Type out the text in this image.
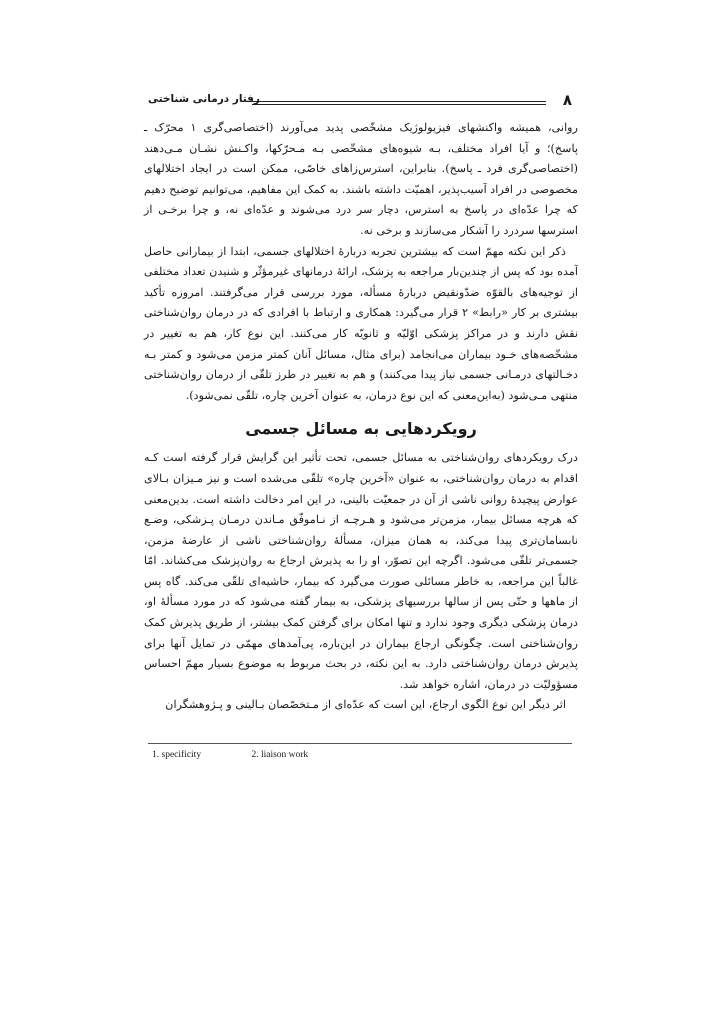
۸
رفتار درمانی شناختی

روانی، همیشه واکنشهای فیزیولوژیک مشخّصی پدید می‌آورند (اختصاصی‌گری ۱ محرّک ـ پاسخ)؛ و آیا افراد مختلف، بـه شیوه‌های مشخّصی بـه مـحرّکها، واکـنش نشـان مـی‌دهند (اختصاصی‌گری فرد ـ پاسخ). بنابراین، استرس‌زاهای خاصّی، ممکن است در ایجاد اختلالهای مخصوصی در افراد آسیب‌پذیر، اهمیّت داشته باشند. به کمک این مفاهیم، می‌توانیم توضیح دهیم که چرا عدّه‌ای در پاسخ به استرس، دچار سر درد می‌شوند و عدّه‌ای نه، و چرا برخـی از استرسها سردرد را آشکار می‌سازند و برخی نه.

ذکر این نکته مهمّ است که بیشترین تجربه دربارهٔ اختلالهای جسمی، ابتدا از بیمارانی حاصل آمده بود که پس از چندین‌بار مراجعه به پزشک، ارائهٔ درمانهای غیرمؤثّر و شنیدن تعداد مختلفی از توجیه‌های بالقوّه ضدّونقیض دربارهٔ مسأله، مورد بررسی قرار می‌گرفتند. امروزه تأکید بیشتری بر کار «رابط» ۲ قرار می‌گیرد: همکاری و ارتباط با افرادی که در درمان روان‌شناختی نقش دارند و در مراکز پزشکی اوّلیّه و ثانویّه کار می‌کنند. این نوع کار، هم به تغییر در مشخّصه‌های خـود بیماران می‌انجامد (برای مثال، مسائل آنان کمتر مزمن می‌شود و کمتر بـه دخـالتهای درمـانی جسمی نیاز پیدا می‌کنند) و هم به تغییر در طرز تلقّی از درمان روان‌شناختی منتهی مـی‌شود (به‌این‌معنی که این نوع درمان، به عنوان آخرین چاره، تلقّی نمی‌شود).

رویکردهایی به مسائل جسمی

درک رویکردهای روان‌شناختی به مسائل جسمی، تحت تأثیر این گرایش قرار گرفته است کـه اقدام به درمان روان‌شناختی، به عنوان «آخرین چاره» تلقّی می‌شده است و نیز مـیزان بـالای عوارض پیچیدهٔ روانی ناشی از آن در جمعیّت بالینی، در این امر دخالت داشته است. بدین‌معنی که هرچه مسائل بیمار، مزمن‌تر می‌شود و هـرچـه از نـاموفّق مـاندن درمـان پـزشکی، وضـع نابسامان‌تری پیدا می‌کند، به همان میزان، مسألهٔ روان‌شناختی ناشی از عارضهٔ مزمن، جسمی‌تر تلقّی می‌شود. اگرچه این تصوّر، او را به پذیرش ارجاع به روان‌پزشک می‌کشاند. امّا غالباً این مراجعه، به خاطر مسائلی صورت می‌گیرد که بیمار، حاشیه‌ای تلقّی می‌کند. گاه پس از ماهها و حتّی پس از سالها بررسیهای پزشکی، به بیمار گفته می‌شود که در مورد مسألهٔ او، درمان پزشکی دیگری وجود ندارد و تنها امکان برای گرفتن کمک بیشتر، از طریق پذیرش کمک روان‌شناختی است. چگونگی ارجاع بیماران در این‌باره، پی‌آمدهای مهمّی در تمایل آنها برای پذیرش درمان روان‌شناختی دارد. به این نکته، در بحث مربوط به موضوع بسیار مهمّ احساس مسؤولیّت در درمان، اشاره خواهد شد.

اثر دیگر این نوع الگوی ارجاع، این است که عدّه‌ای از مـتخصّصان بـالینی و پـژوهشگران

1. specificity	2. liaison work
